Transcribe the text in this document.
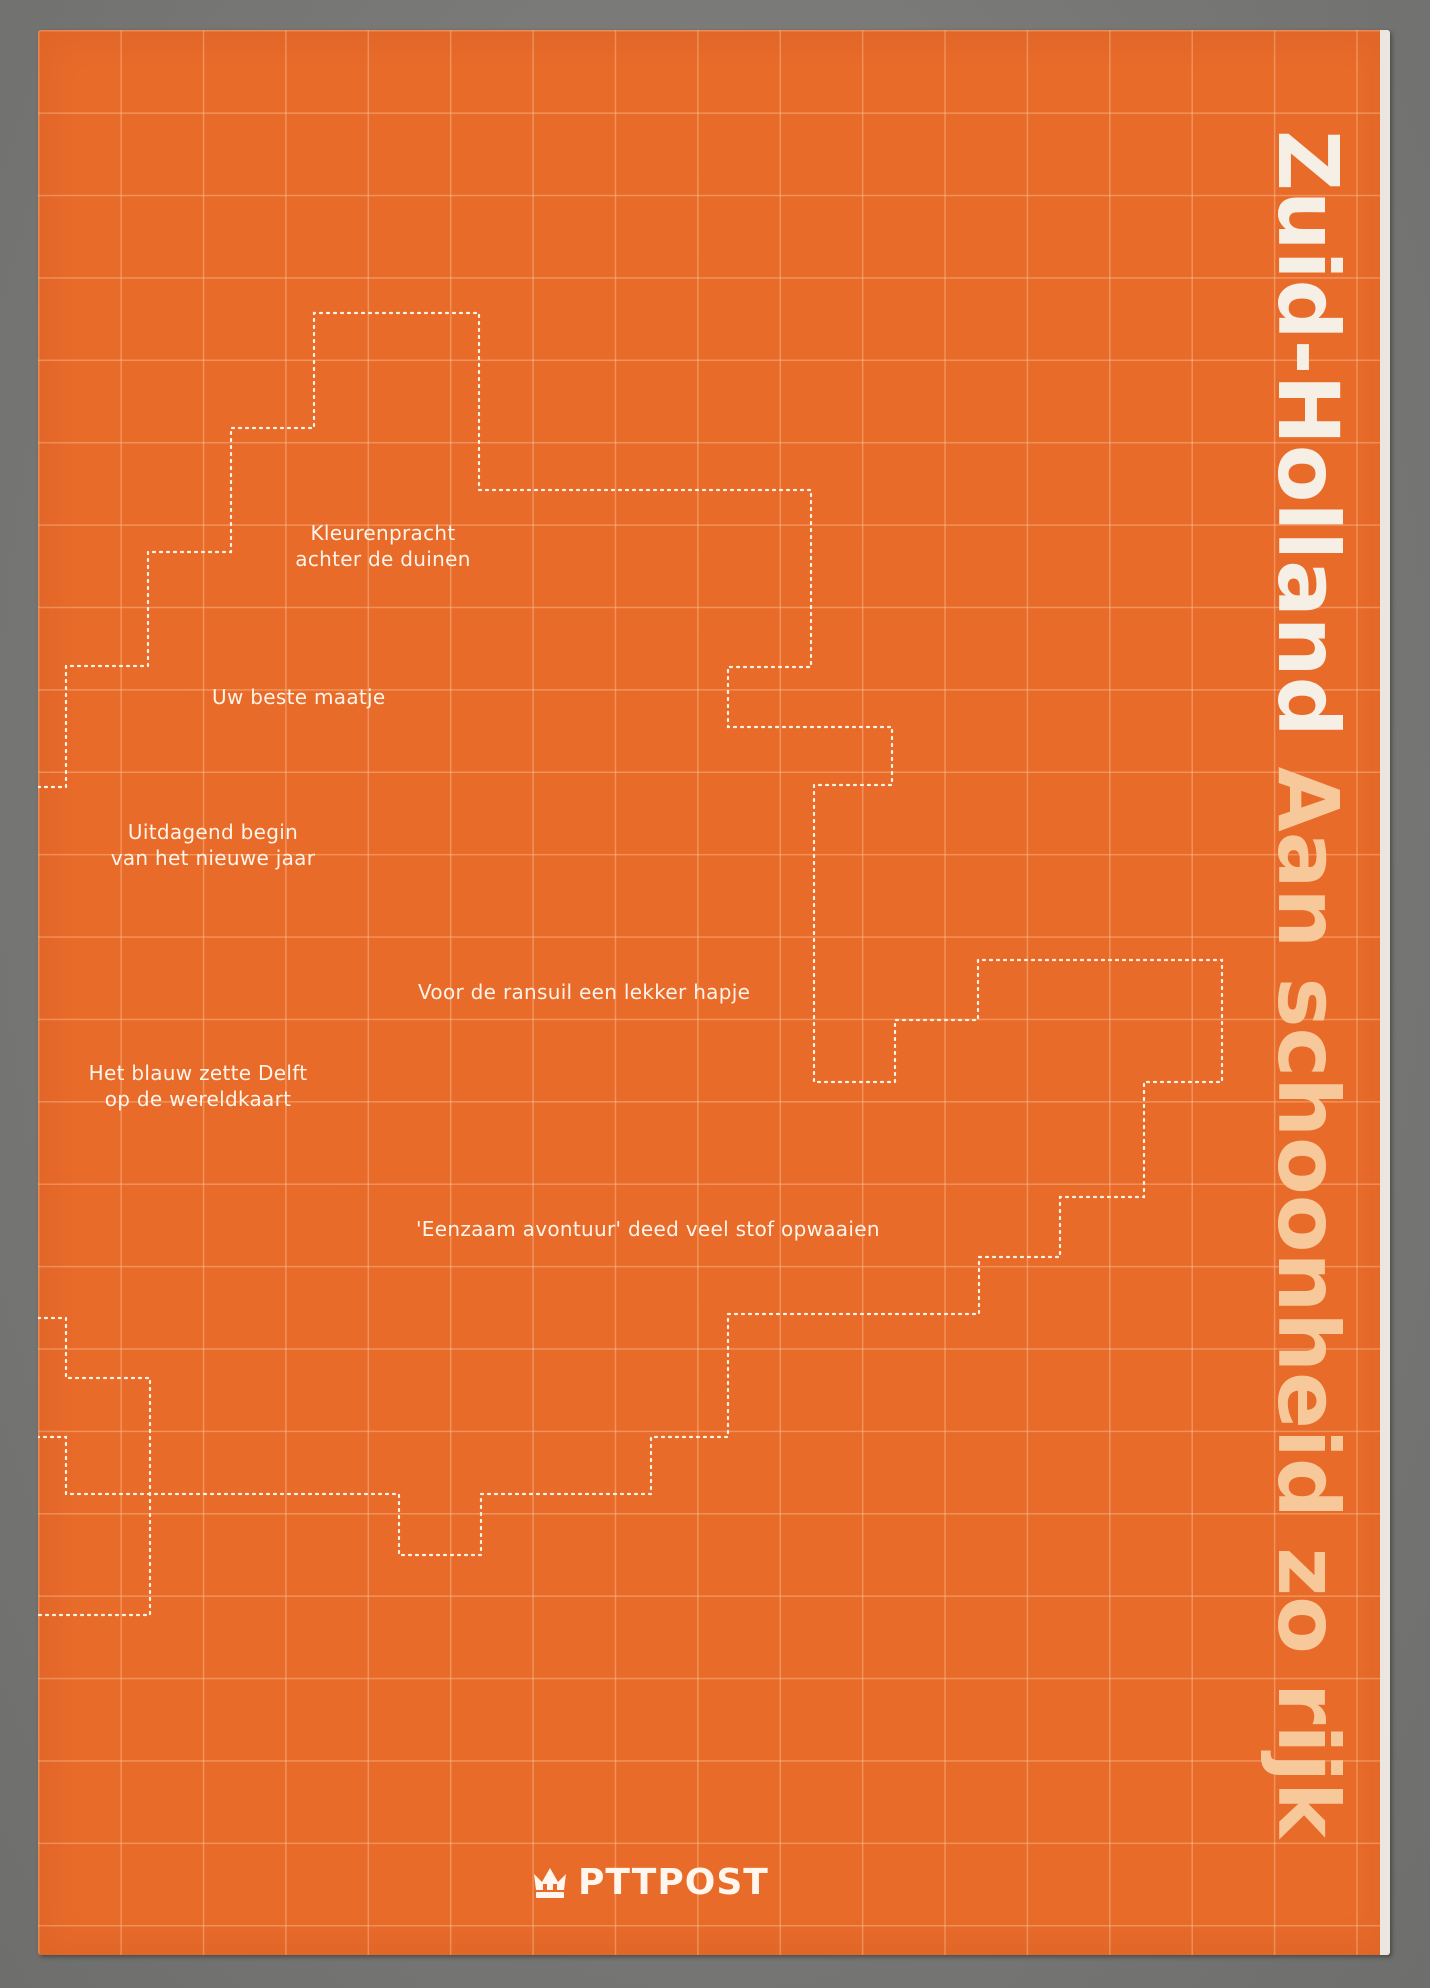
Kleurenpracht
achter de duinen
Uw beste maatje
Uitdagend begin
van het nieuwe jaar
Voor de ransuil een lekker hapje
Het blauw zette Delft
op de wereldkaart
'Eenzaam avontuur' deed veel stof opwaaien
Zuid-HollandAan schoonheid zo rijk
PTTPOST
